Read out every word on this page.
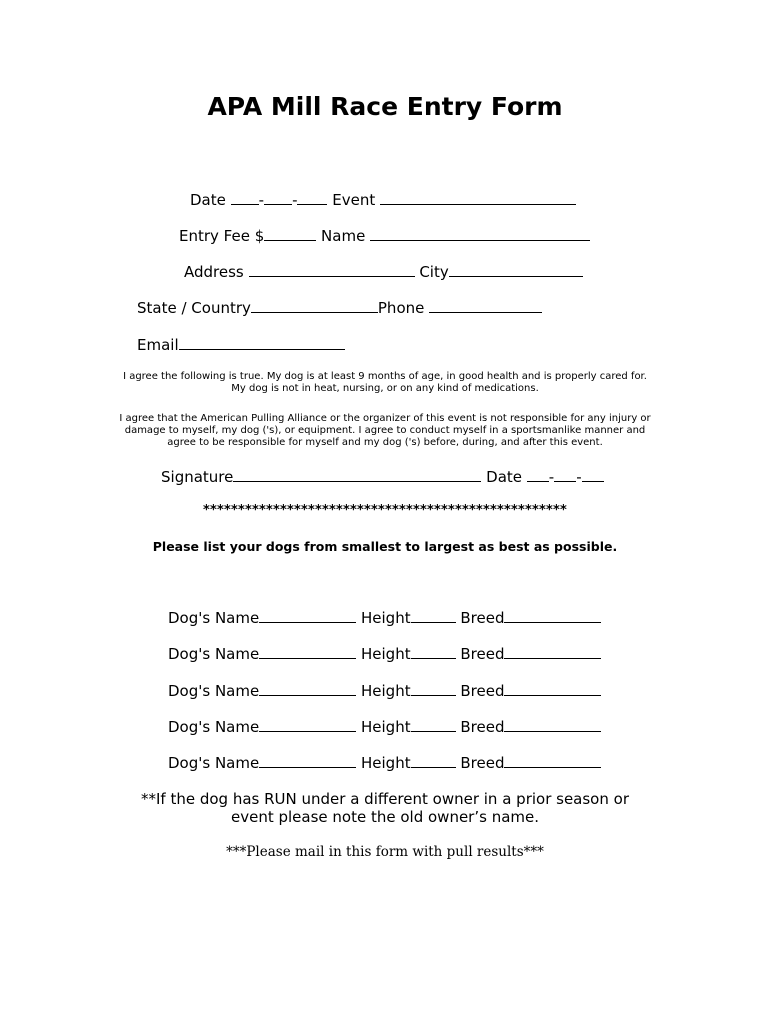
APA Mill Race Entry Form
Date - - Event
Entry Fee $	Name
Address	City
State / Country	Phone
Email
I agree the following is true. My dog is at least 9 months of age, in good health and is properly cared for.
My dog is not in heat, nursing, or on any kind of medications.
I agree that the American Pulling Alliance or the organizer of this event is not responsible for any injury or
damage to myself, my dog ('s), or equipment. I agree to conduct myself in a sportsmanlike manner and
agree to be responsible for myself and my dog ('s) before, during, and after this event.
Signature	Date - -
****************************************************
Please list your dogs from smallest to largest as best as possible.
Dog's Name	Height	Breed
Dog's Name	Height	Breed
Dog's Name	Height	Breed
Dog's Name	Height	Breed
Dog's Name	Height	Breed
**If the dog has RUN under a different owner in a prior season or
event please note the old owner’s name.
***Please mail in this form with pull results***
